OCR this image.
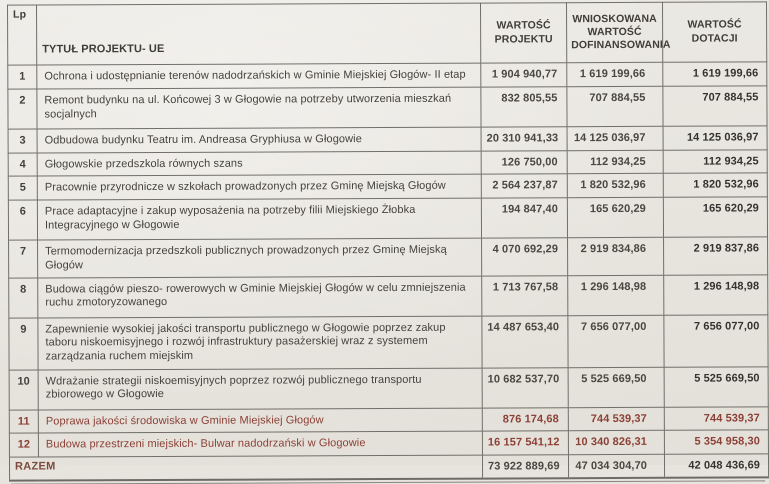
Lp	TYTUŁ PROJEKTU- UE	WARTOŚĆ PROJEKTU	WNIOSKOWANA WARTOŚĆ DOFINANSOWANIA	WARTOŚĆ DOTACJI
1	Ochrona i udostępnianie terenów nadodrzańskich w Gminie Miejskiej Głogów- II etap	1 904 940,77	1 619 199,66	1 619 199,66
2	Remont budynku na ul. Końcowej 3 w Głogowie na potrzeby utworzenia mieszkań socjalnych	832 805,55	707 884,55	707 884,55
3	Odbudowa budynku Teatru im. Andreasa Gryphiusa w Głogowie	20 310 941,33	14 125 036,97	14 125 036,97
4	Głogowskie przedszkola równych szans	126 750,00	112 934,25	112 934,25
5	Pracownie przyrodnicze w szkołach prowadzonych przez Gminę Miejską Głogów	2 564 237,87	1 820 532,96	1 820 532,96
6	Prace adaptacyjne i zakup wyposażenia na potrzeby filii Miejskiego Żłobka Integracyjnego w Głogowie	194 847,40	165 620,29	165 620,29
7	Termomodernizacja przedszkoli publicznych prowadzonych przez Gminę Miejską Głogów	4 070 692,29	2 919 834,86	2 919 837,86
8	Budowa ciągów pieszo- rowerowych w Gminie Miejskiej Głogów w celu zmniejszenia ruchu zmotoryzowanego	1 713 767,58	1 296 148,98	1 296 148,98
9	Zapewnienie wysokiej jakości transportu publicznego w Głogowie poprzez zakup taboru niskoemisyjnego i rozwój infrastruktury pasażerskiej wraz z systemem zarządzania ruchem miejskim	14 487 653,40	7 656 077,00	7 656 077,00
10	Wdrażanie strategii niskoemisyjnych poprzez rozwój publicznego transportu zbiorowego w Głogowie	10 682 537,70	5 525 669,50	5 525 669,50
11	Poprawa jakości środowiska w Gminie Miejskiej Głogów	876 174,68	744 539,37	744 539,37
12	Budowa przestrzeni miejskich- Bulwar nadodrzański w Głogowie	16 157 541,12	10 340 826,31	5 354 958,30
RAZEM		73 922 889,69	47 034 304,70	42 048 436,69
